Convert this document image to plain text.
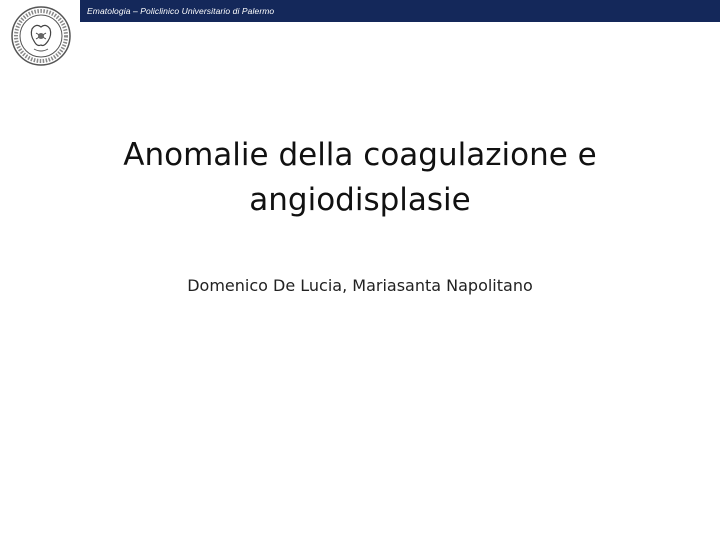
Ematologia – Policlinico Universitario di Palermo
Anomalie della coagulazione e angiodisplasie
Domenico De Lucia, Mariasanta Napolitano
